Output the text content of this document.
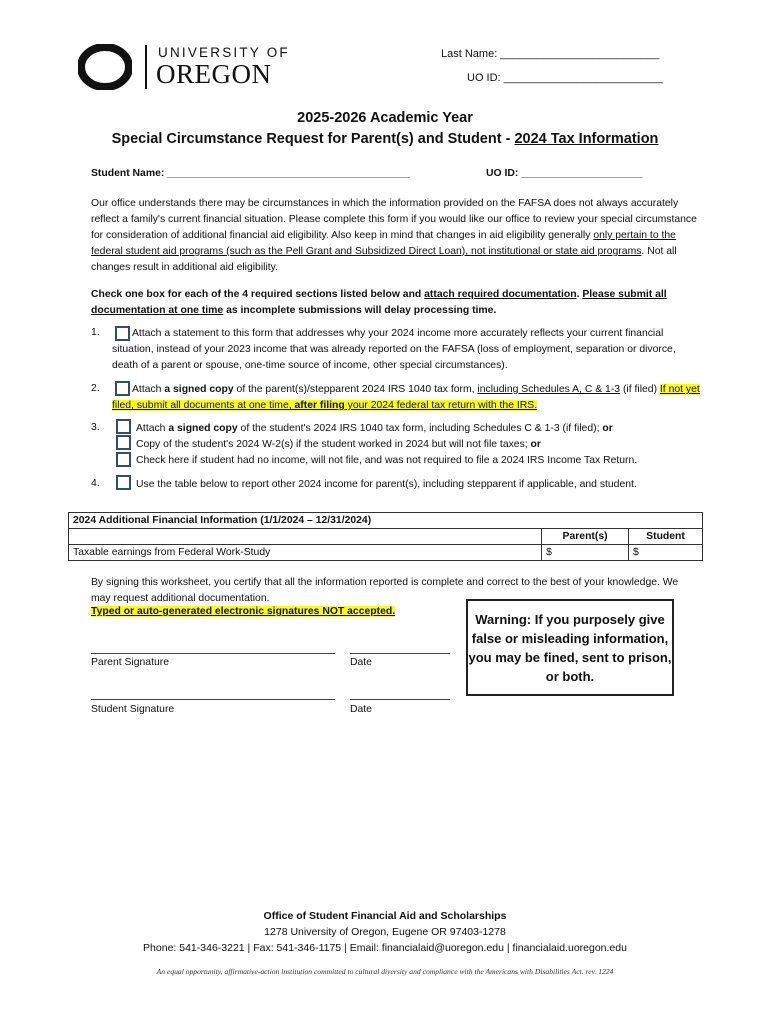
UNIVERSITY OF
OREGON
Last Name: __________________________
UO ID: __________________________
2025-2026 Academic Year
Special Circumstance Request for Parent(s) and Student - 2024 Tax Information
Student Name: __________________________________________	UO ID: _____________________
Our office understands there may be circumstances in which the information provided on the FAFSA does not always accurately reflect a family's current financial situation. Please complete this form if you would like our office to review your special circumstance for consideration of additional financial aid eligibility. Also keep in mind that changes in aid eligibility generally only pertain to the federal student aid programs (such as the Pell Grant and Subsidized Direct Loan), not institutional or state aid programs. Not all changes result in additional aid eligibility.
Check one box for each of the 4 required sections listed below and attach required documentation. Please submit all documentation at one time as incomplete submissions will delay processing time.
1.	Attach a statement to this form that addresses why your 2024 income more accurately reflects your current financial situation, instead of your 2023 income that was already reported on the FAFSA (loss of employment, separation or divorce, death of a parent or spouse, one-time source of income, other special circumstances).
2.	Attach a signed copy of the parent(s)/stepparent 2024 IRS 1040 tax form, including Schedules A, C & 1-3 (if filed) If not yet filed, submit all documents at one time, after filing your 2024 federal tax return with the IRS.
3.	Attach a signed copy of the student's 2024 IRS 1040 tax form, including Schedules C & 1-3 (if filed); or
Copy of the student's 2024 W-2(s) if the student worked in 2024 but will not file taxes; or
Check here if student had no income, will not file, and was not required to file a 2024 IRS Income Tax Return.
4.	Use the table below to report other 2024 income for parent(s), including stepparent if applicable, and student.
2024 Additional Financial Information (1/1/2024 – 12/31/2024)		
	Parent(s)	Student
Taxable earnings from Federal Work-Study	$	$
By signing this worksheet, you certify that all the information reported is complete and correct to the best of your knowledge. We may request additional documentation.
Typed or auto-generated electronic signatures NOT accepted.
Parent Signature	Date
Student Signature	Date
Warning: If you purposely give false or misleading information, you may be fined, sent to prison, or both.
Office of Student Financial Aid and Scholarships
1278 University of Oregon, Eugene OR 97403-1278
Phone: 541-346-3221 | Fax: 541-346-1175 | Email: financialaid@uoregon.edu | financialaid.uoregon.edu
An equal opportunity, affirmative-action institution committed to cultural diversity and compliance with the Americans with Disabilities Act. rev. 1224
